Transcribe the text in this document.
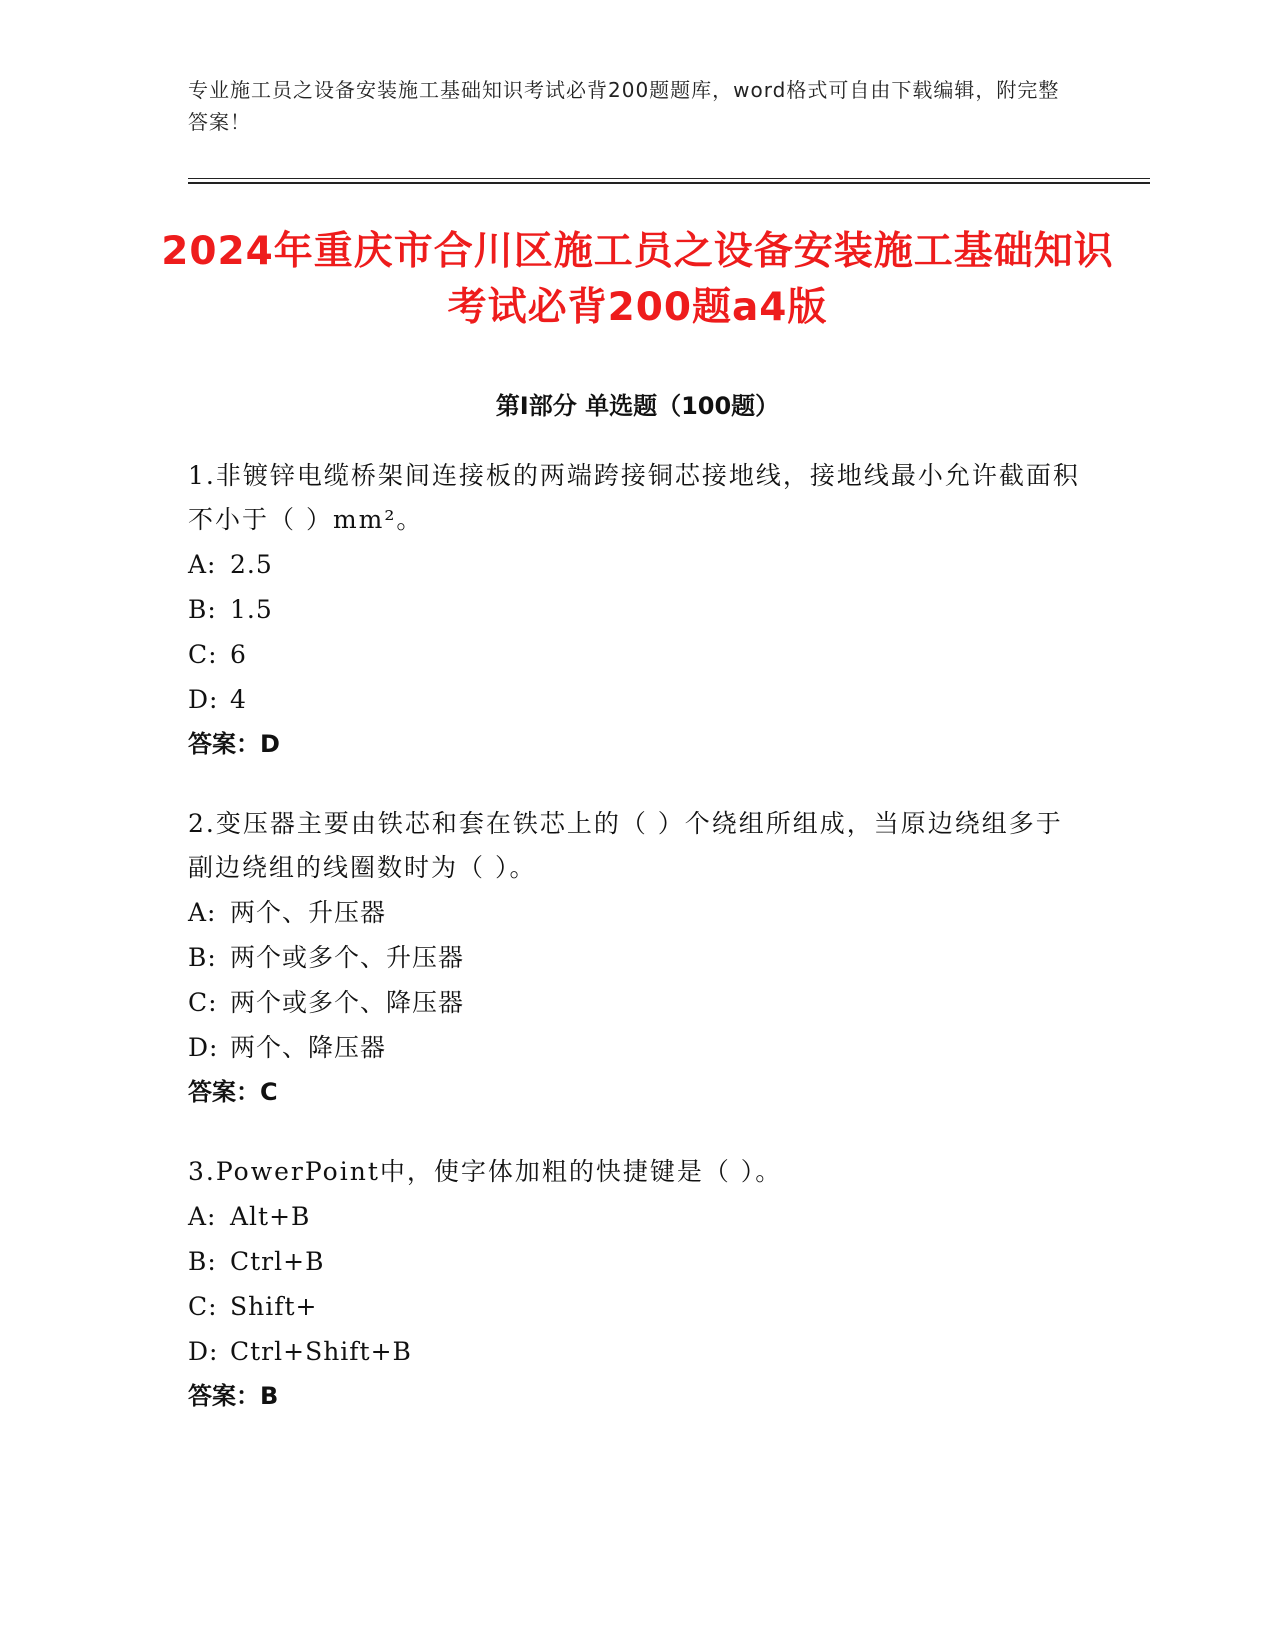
专业施工员之设备安装施工基础知识考试必背200题题库，word格式可自由下载编辑，附完整答案！
2024年重庆市合川区施工员之设备安装施工基础知识考试必背200题a4版
第Ⅰ部分 单选题（100题）
1.非镀锌电缆桥架间连接板的两端跨接铜芯接地线，接地线最小允许截面积不小于（ ）mm²。
A: 2.5
B: 1.5
C: 6
D: 4
答案：D
2.变压器主要由铁芯和套在铁芯上的（ ）个绕组所组成，当原边绕组多于副边绕组的线圈数时为（ ）。
A: 两个、升压器
B: 两个或多个、升压器
C: 两个或多个、降压器
D: 两个、降压器
答案：C
3.PowerPoint中，使字体加粗的快捷键是（ ）。
A: Alt+B
B: Ctrl+B
C: Shift+
D: Ctrl+Shift+B
答案：B
